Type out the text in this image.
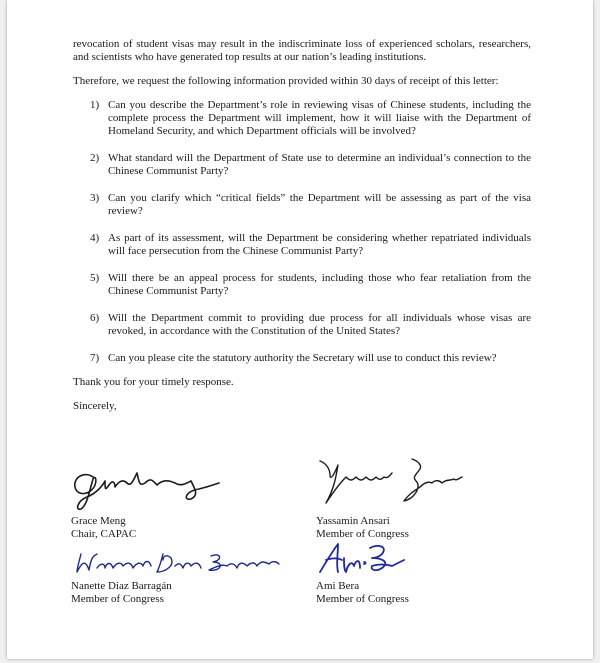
revocation of student visas may result in the indiscriminate loss of experienced scholars, researchers, and scientists who have generated top results at our nation’s leading institutions.

Therefore, we request the following information provided within 30 days of receipt of this letter:

1) Can you describe the Department’s role in reviewing visas of Chinese students, including the complete process the Department will implement, how it will liaise with the Department of Homeland Security, and which Department officials will be involved?
2) What standard will the Department of State use to determine an individual’s connection to the Chinese Communist Party?
3) Can you clarify which “critical fields” the Department will be assessing as part of the visa review?
4) As part of its assessment, will the Department be considering whether repatriated individuals will face persecution from the Chinese Communist Party?
5) Will there be an appeal process for students, including those who fear retaliation from the Chinese Communist Party?
6) Will the Department commit to providing due process for all individuals whose visas are revoked, in accordance with the Constitution of the United States?
7) Can you please cite the statutory authority the Secretary will use to conduct this review?

Thank you for your timely response.

Sincerely,

Grace Meng
Chair, CAPAC
Yassamin Ansari
Member of Congress
Nanette Diaz Barragán
Member of Congress
Ami Bera
Member of Congress
